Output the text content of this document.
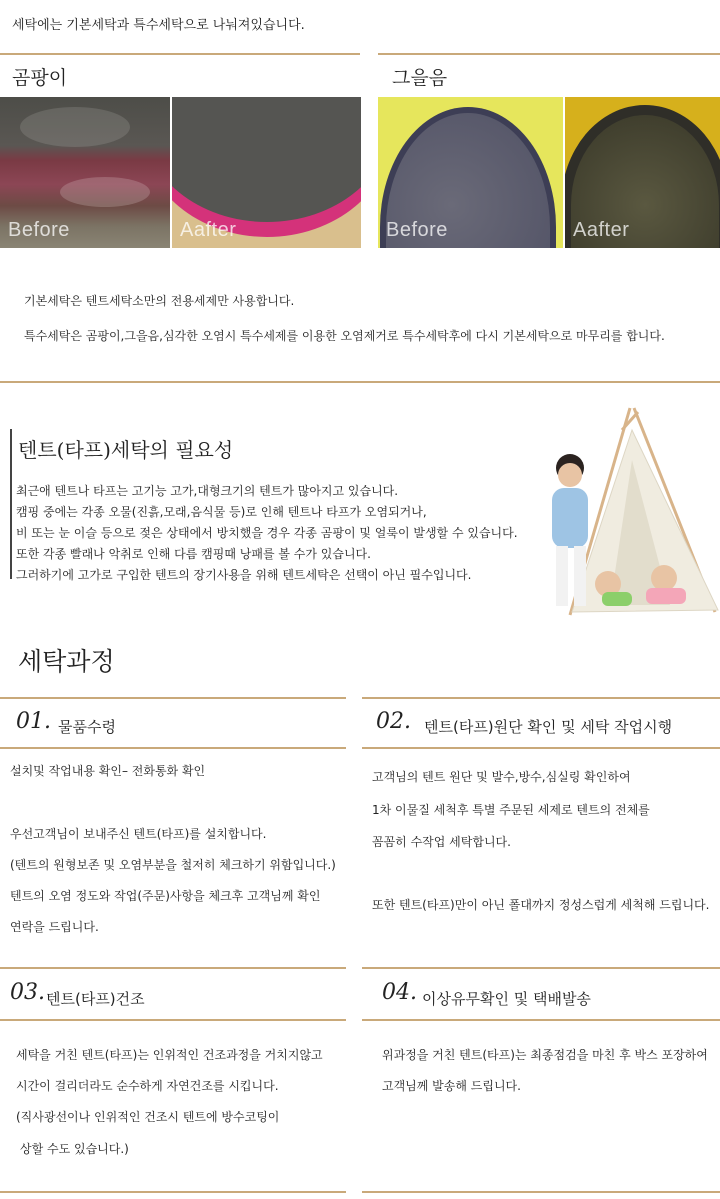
세탁에는 기본세탁과 특수세탁으로 나눠져있습니다.
곰팡이
Before	Aafter
그을음
Before	Aafter
기본세탁은 텐트세탁소만의 전용세제만 사용합니다.
특수세탁은 곰팡이,그을음,심각한 오염시 특수세제를 이용한 오염제거로 특수세탁후에 다시 기본세탁으로 마무리를 합니다.
텐트(타프)세탁의 필요성
최근애 텐트나 타프는 고기능 고가,대형크기의 텐트가 많아지고 있습니다.
캠핑 중에는 각종 오물(진흙,모래,음식물 등)로 인해 텐트나 타프가 오염되거나,
비 또는 눈 이슬 등으로 젖은 상태에서 방치했을 경우 각종 곰팡이 및 얼룩이 발생할 수 있습니다.
또한 각종 빨래나 악취로 인해 다름 캠핑때 낭패를 볼 수가 있습니다.
그러하기에 고가로 구입한 텐트의 장기사용을 위해 텐트세탁은 선택이 아닌 필수입니다.
세탁과정
01. 물품수령
설치및 작업내용 확인– 전화통화 확인
우선고객님이 보내주신 텐트(타프)를 설치합니다.
(텐트의 원형보존 및 오염부분을 철저히 체크하기 위함입니다.)
텐트의 오염 정도와 작업(주문)사항을 체크후 고객님께 확인
연락을 드립니다.
02. 텐트(타프)원단 확인 및 세탁 작업시행
고객님의 텐트 원단 및 발수,방수,심실링 확인하여
1차 이물질 세척후 특별 주문된 세제로 텐트의 전체를
꼼꼼히 수작업 세탁합니다.
또한 텐트(타프)만이 아닌 폴대까지 정성스럽게 세척해 드립니다.
03. 텐트(타프)건조
세탁을 거친 텐트(타프)는 인위적인 건조과정을 거치지않고
시간이 걸리더라도 순수하게 자연건조를 시킵니다.
(직사광선이나 인위적인 건조시 텐트에 방수코팅이
상할 수도 있습니다.)
04. 이상유무확인 및 택배발송
위과정을 거친 텐트(타프)는 최종점검을 마친 후 박스 포장하여
고객님께 발송해 드립니다.
